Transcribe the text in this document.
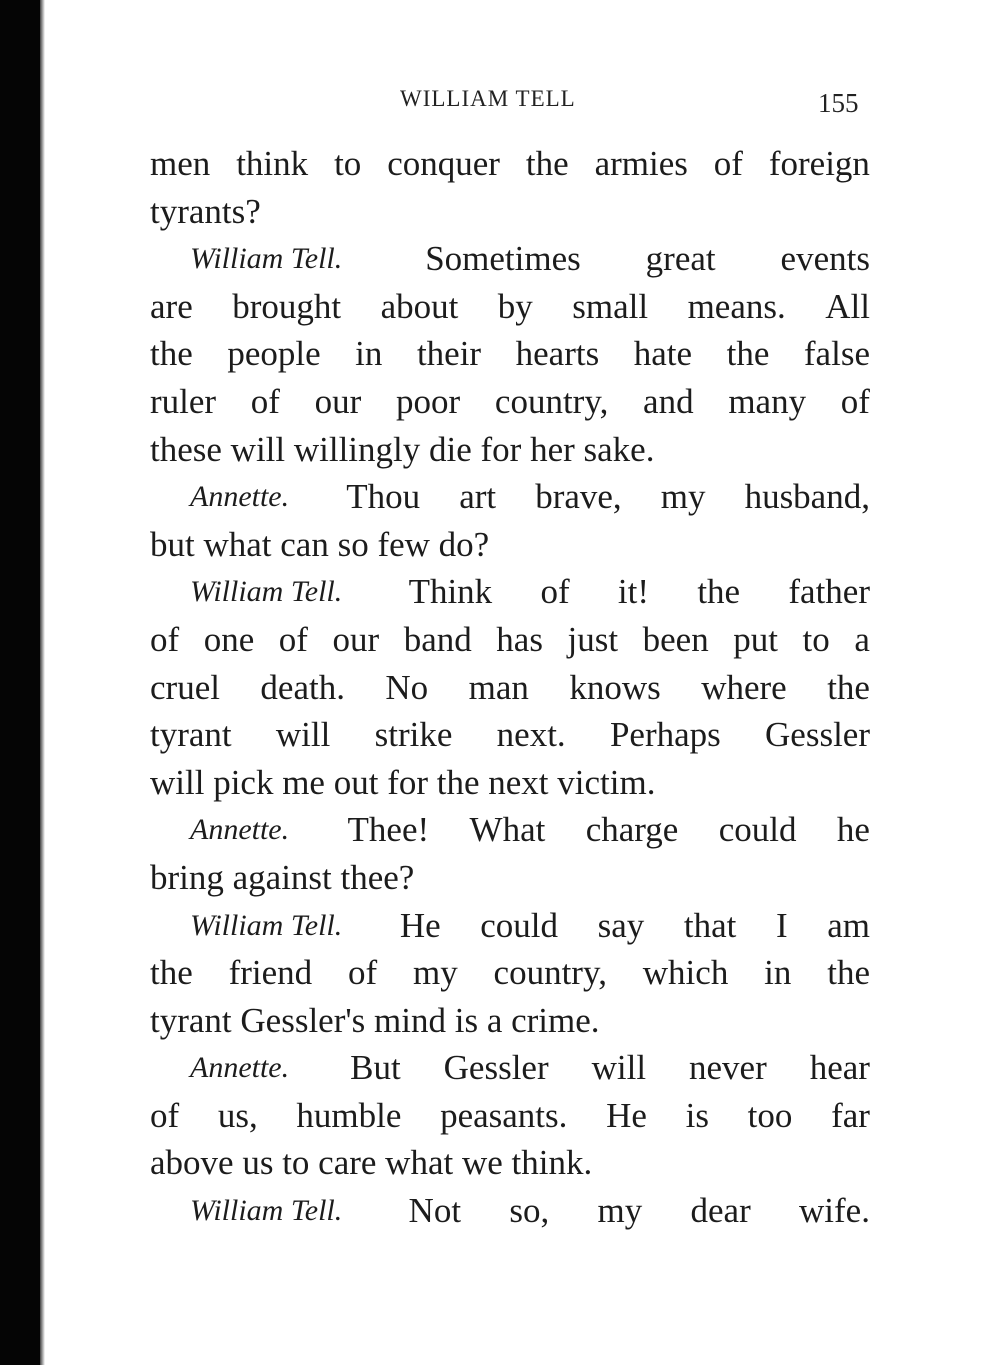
WILLIAM TELL	155
men think to conquer the armies of foreign
tyrants?
William Tell. Sometimes great events
are brought about by small means. All
the people in their hearts hate the false
ruler of our poor country, and many of
these will willingly die for her sake.
Annette. Thou art brave, my husband,
but what can so few do?
William Tell. Think of it! the father
of one of our band has just been put to a
cruel death. No man knows where the
tyrant will strike next. Perhaps Gessler
will pick me out for the next victim.
Annette. Thee! What charge could he
bring against thee?
William Tell. He could say that I am
the friend of my country, which in the
tyrant Gessler's mind is a crime.
Annette. But Gessler will never hear
of us, humble peasants. He is too far
above us to care what we think.
William Tell. Not so, my dear wife.
